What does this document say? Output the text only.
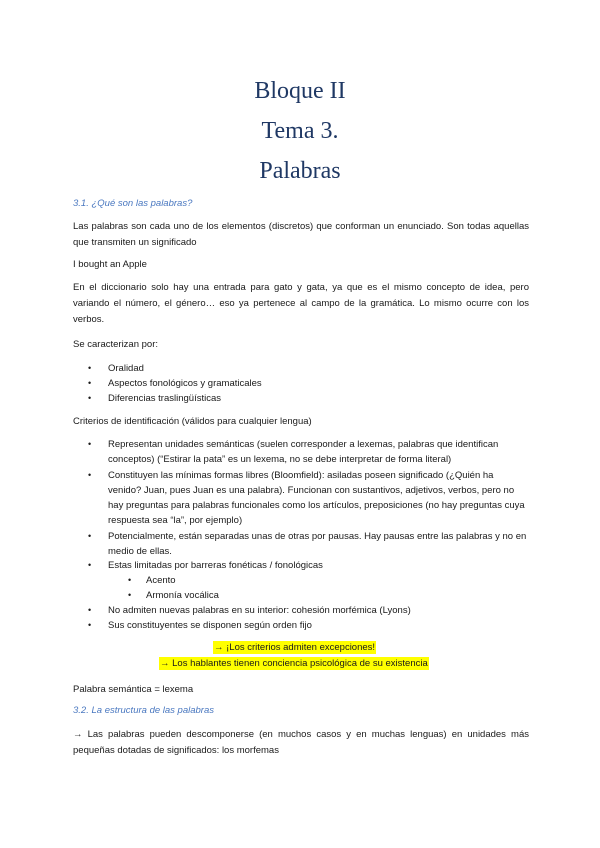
Bloque II
Tema 3.
Palabras
3.1. ¿Qué son las palabras?
Las palabras son cada uno de los elementos (discretos) que conforman un enunciado. Son todas aquellas que transmiten un significado
I bought an Apple
En el diccionario solo hay una entrada para gato y gata, ya que es el mismo concepto de idea, pero variando el número, el género… eso ya pertenece al campo de la gramática. Lo mismo ocurre con los verbos.
Se caracterizan por:
• Oralidad
• Aspectos fonológicos y gramaticales
• Diferencias traslingüísticas
Criterios de identificación (válidos para cualquier lengua)
• Representan unidades semánticas (suelen corresponder a lexemas, palabras que identifican conceptos) (“Estirar la pata” es un lexema, no se debe interpretar de forma literal)
• Constituyen las mínimas formas libres (Bloomfield): asiladas poseen significado (¿Quién ha venido? Juan, pues Juan es una palabra). Funcionan con sustantivos, adjetivos, verbos, pero no hay preguntas para palabras funcionales como los artículos, preposiciones (no hay preguntas cuya respuesta sea “la”, por ejemplo)
• Potencialmente, están separadas unas de otras por pausas. Hay pausas entre las palabras y no en medio de ellas.
• Estas limitadas por barreras fonéticas / fonológicas
• Acento
• Armonía vocálica
• No admiten nuevas palabras en su interior: cohesión morfémica (Lyons)
• Sus constituyentes se disponen según orden fijo
→ ¡Los criterios admiten excepciones!
→ Los hablantes tienen conciencia psicológica de su existencia
Palabra semántica = lexema
3.2. La estructura de las palabras
→ Las palabras pueden descomponerse (en muchos casos y en muchas lenguas) en unidades más pequeñas dotadas de significados: los morfemas
